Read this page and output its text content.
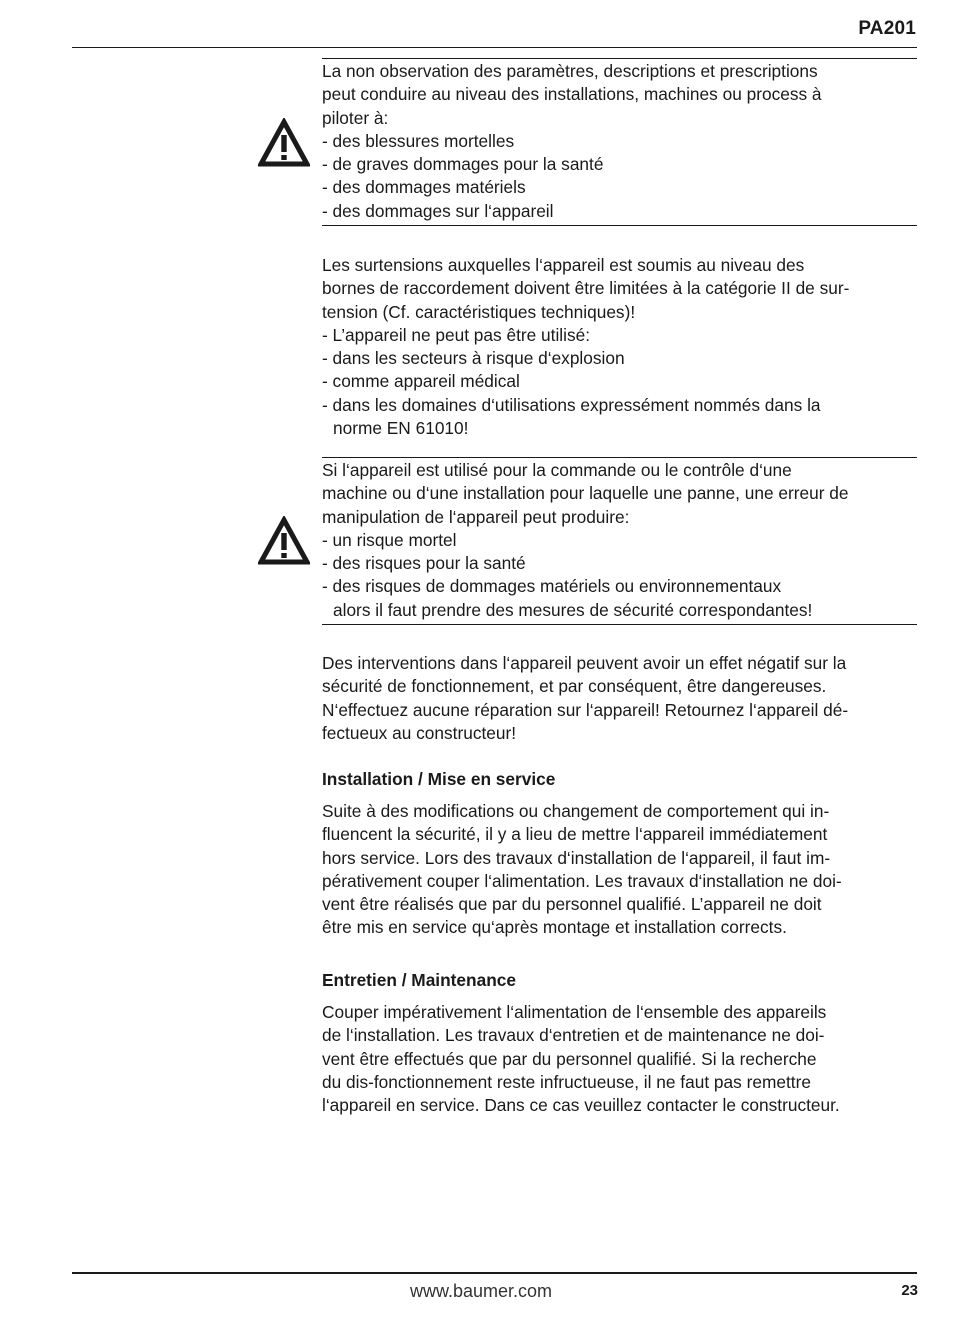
PA201
La non observation des paramètres, descriptions et prescriptions
peut conduire au niveau des installations, machines ou process à
piloter à:
- des blessures mortelles
- de graves dommages pour la santé
- des dommages matériels
- des dommages sur l‘appareil
Les surtensions auxquelles l‘appareil est soumis au niveau des
bornes de raccordement doivent être limitées à la catégorie II de sur-
tension (Cf. caractéristiques techniques)!
- L’appareil ne peut pas être utilisé:
- dans les secteurs à risque d‘explosion
- comme appareil médical
- dans les domaines d‘utilisations expressément nommés dans la
norme EN 61010!
Si l‘appareil est utilisé pour la commande ou le contrôle d‘une
machine ou d‘une installation pour laquelle une panne, une erreur de
manipulation de l‘appareil peut produire:
- un risque mortel
- des risques pour la santé
- des risques de dommages matériels ou environnementaux
alors il faut prendre des mesures de sécurité correspondantes!
Des interventions dans l‘appareil peuvent avoir un effet négatif sur la
sécurité de fonctionnement, et par conséquent, être dangereuses.
N‘effectuez aucune réparation sur l‘appareil! Retournez l‘appareil dé-
fectueux au constructeur!
Installation / Mise en service
Suite à des modifications ou changement de comportement qui in-
fluencent la sécurité, il y a lieu de mettre l‘appareil immédiatement
hors service. Lors des travaux d‘installation de l‘appareil, il faut im-
pérativement couper l‘alimentation. Les travaux d‘installation ne doi-
vent être réalisés que par du personnel qualifié. L’appareil ne doit
être mis en service qu‘après montage et installation corrects.
Entretien / Maintenance
Couper impérativement l‘alimentation de l‘ensemble des appareils
de l‘installation. Les travaux d‘entretien et de maintenance ne doi-
vent être effectués que par du personnel qualifié. Si la recherche
du dis-fonctionnement reste infructueuse, il ne faut pas remettre
l‘appareil en service. Dans ce cas veuillez contacter le constructeur.
www.baumer.com	23
